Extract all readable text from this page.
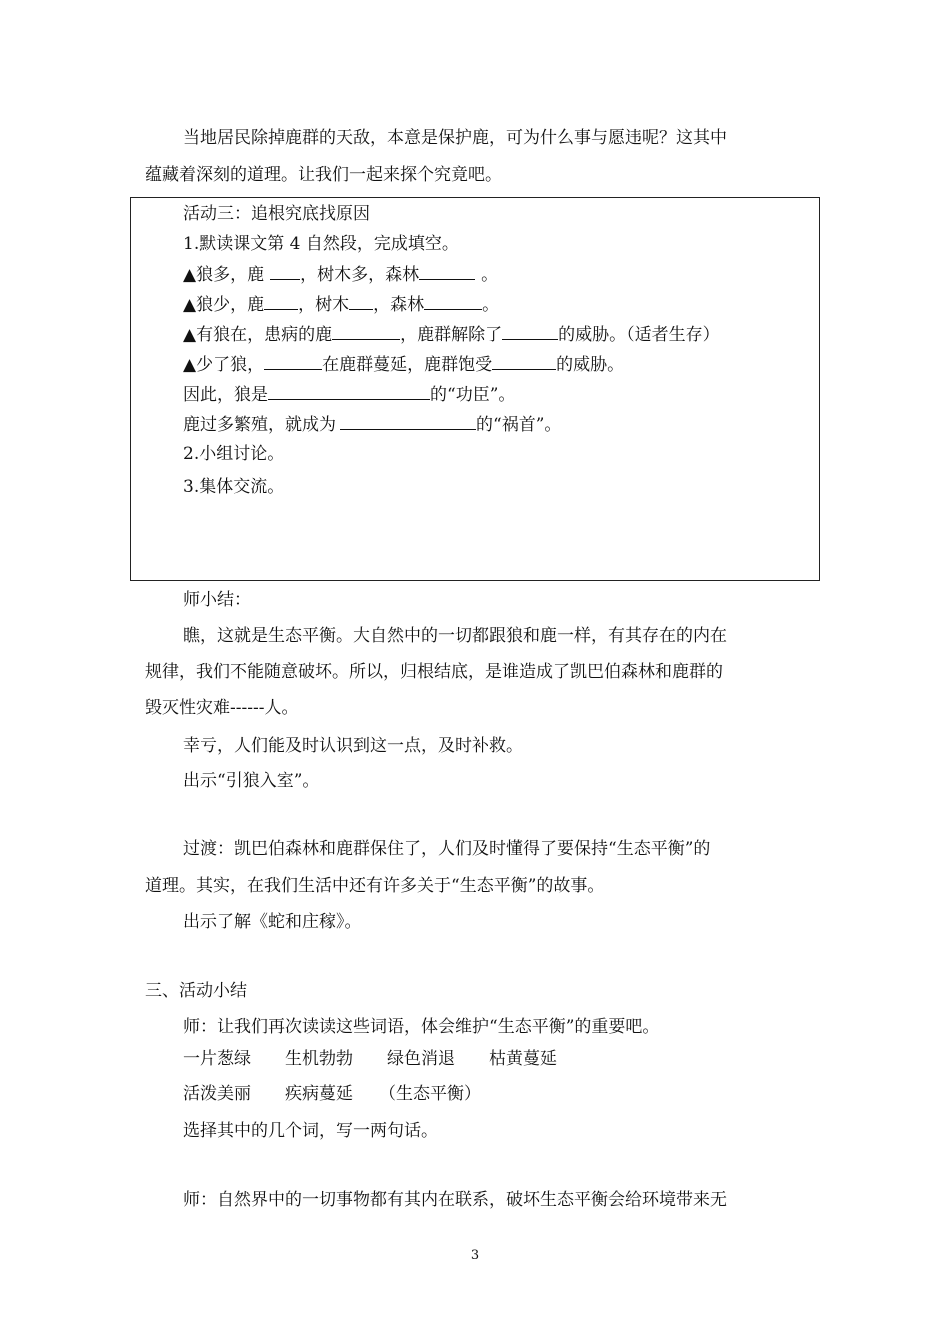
当地居民除掉鹿群的天敌，本意是保护鹿，可为什么事与愿违呢？这其中
蕴藏着深刻的道理。让我们一起来探个究竟吧。
活动三：追根究底找原因
1.默读课文第 4 自然段，完成填空。
▲狼多，鹿 ，树木多，森林	。
▲狼少，鹿 ，树木 ，森林	。
▲有狼在，患病的鹿	，鹿群解除了	的威胁。（适者生存）
▲少了狼，	在鹿群蔓延，鹿群饱受	的威胁。
因此，狼是	的“功臣”。
鹿过多繁殖，就成为	的“祸首”。
2.小组讨论。
3.集体交流。
师小结：
瞧，这就是生态平衡。大自然中的一切都跟狼和鹿一样，有其存在的内在
规律，我们不能随意破坏。所以，归根结底，是谁造成了凯巴伯森林和鹿群的
毁灭性灾难------人。
幸亏，人们能及时认识到这一点，及时补救。
出示“引狼入室”。
过渡：凯巴伯森林和鹿群保住了，人们及时懂得了要保持“生态平衡”的
道理。其实，在我们生活中还有许多关于“生态平衡”的故事。
出示了解《蛇和庄稼》。
三、活动小结
师：让我们再次读读这些词语，体会维护“生态平衡”的重要吧。
一片葱绿 生机勃勃 绿色消退 枯黄蔓延
活泼美丽 疾病蔓延 （生态平衡）
选择其中的几个词，写一两句话。
师：自然界中的一切事物都有其内在联系，破坏生态平衡会给环境带来无
3
